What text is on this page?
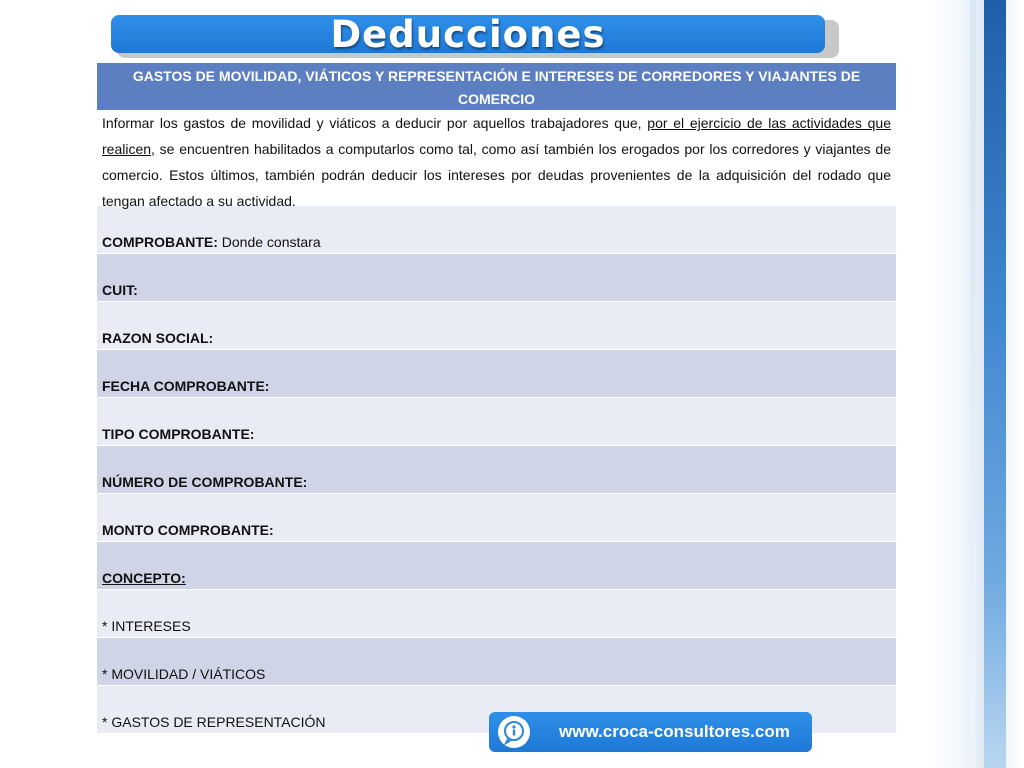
Deducciones
GASTOS DE MOVILIDAD, VIÁTICOS Y REPRESENTACIÓN E INTERESES DE CORREDORES Y VIAJANTES DE COMERCIO
Informar los gastos de movilidad y viáticos a deducir por aquellos trabajadores que, por el ejercicio de las actividades que realicen, se encuentren habilitados a computarlos como tal, como así también los erogados por los corredores y viajantes de comercio. Estos últimos, también podrán deducir los intereses por deudas provenientes de la adquisición del rodado que tengan afectado a su actividad.
COMPROBANTE: Donde constara
CUIT:
RAZON SOCIAL:
FECHA COMPROBANTE:
TIPO COMPROBANTE:
NÚMERO DE COMPROBANTE:
MONTO COMPROBANTE:
CONCEPTO:
* INTERESES
* MOVILIDAD / VIÁTICOS
* GASTOS DE REPRESENTACIÓN	www.croca-consultores.com
